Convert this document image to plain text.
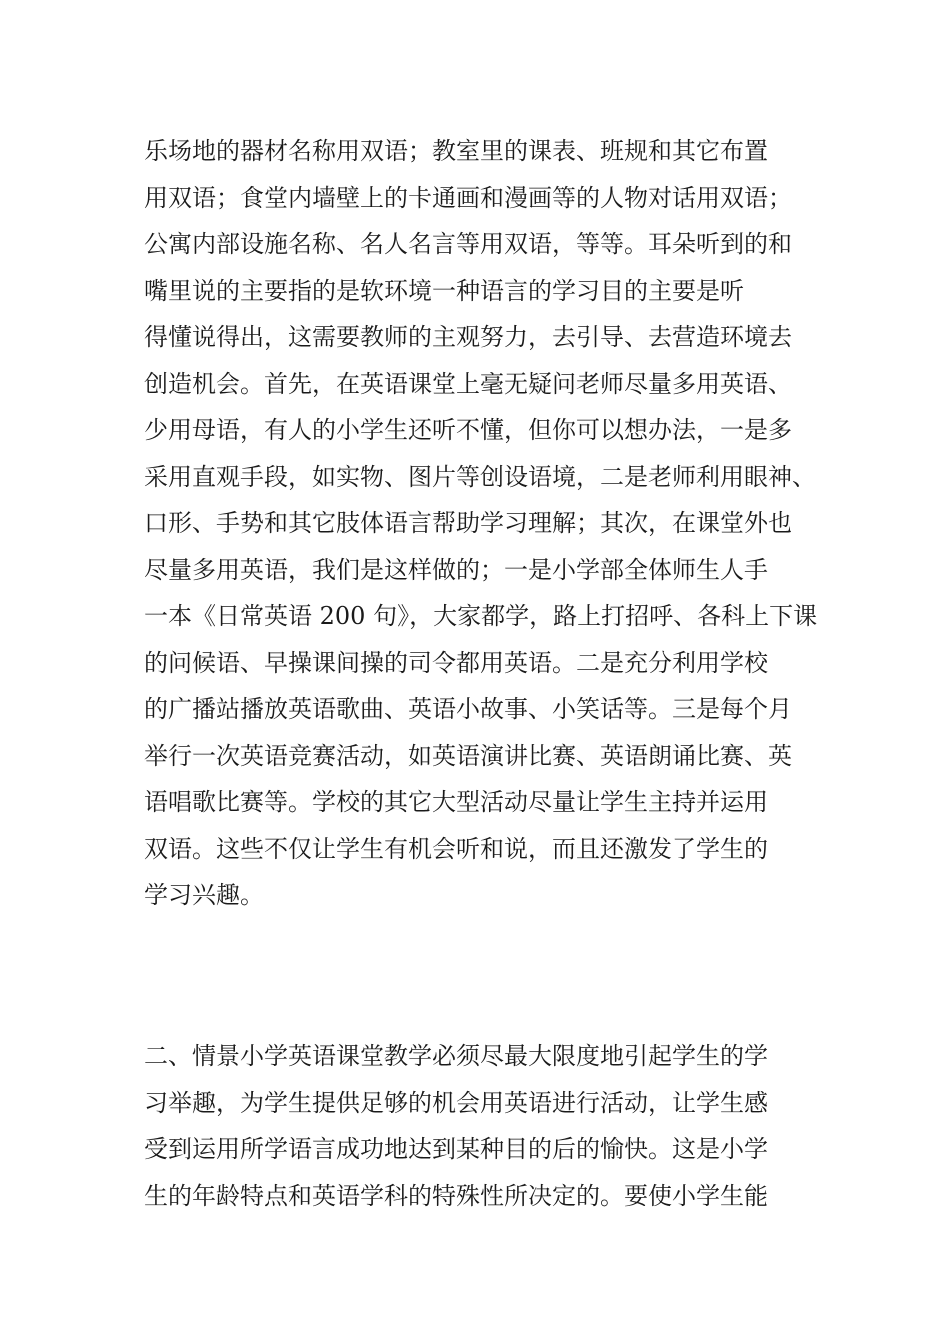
乐场地的器材名称用双语；教室里的课表、班规和其它布置
用双语；食堂内墙壁上的卡通画和漫画等的人物对话用双语；
公寓内部设施名称、名人名言等用双语，等等。耳朵听到的和
嘴里说的主要指的是软环境一种语言的学习目的主要是听
得懂说得出，这需要教师的主观努力，去引导、去营造环境去
创造机会。首先，在英语课堂上毫无疑问老师尽量多用英语、
少用母语，有人的小学生还听不懂，但你可以想办法，一是多
采用直观手段，如实物、图片等创设语境，二是老师利用眼神、
口形、手势和其它肢体语言帮助学习理解；其次，在课堂外也
尽量多用英语，我们是这样做的；一是小学部全体师生人手
一本《日常英语 200 句》，大家都学，路上打招呼、各科上下课
的问候语、早操课间操的司令都用英语。二是充分利用学校
的广播站播放英语歌曲、英语小故事、小笑话等。三是每个月
举行一次英语竞赛活动，如英语演讲比赛、英语朗诵比赛、英
语唱歌比赛等。学校的其它大型活动尽量让学生主持并运用
双语。这些不仅让学生有机会听和说，而且还激发了学生的
学习兴趣。
二、情景小学英语课堂教学必须尽最大限度地引起学生的学
习举趣，为学生提供足够的机会用英语进行活动，让学生感
受到运用所学语言成功地达到某种目的后的愉快。这是小学
生的年龄特点和英语学科的特殊性所决定的。要使小学生能
